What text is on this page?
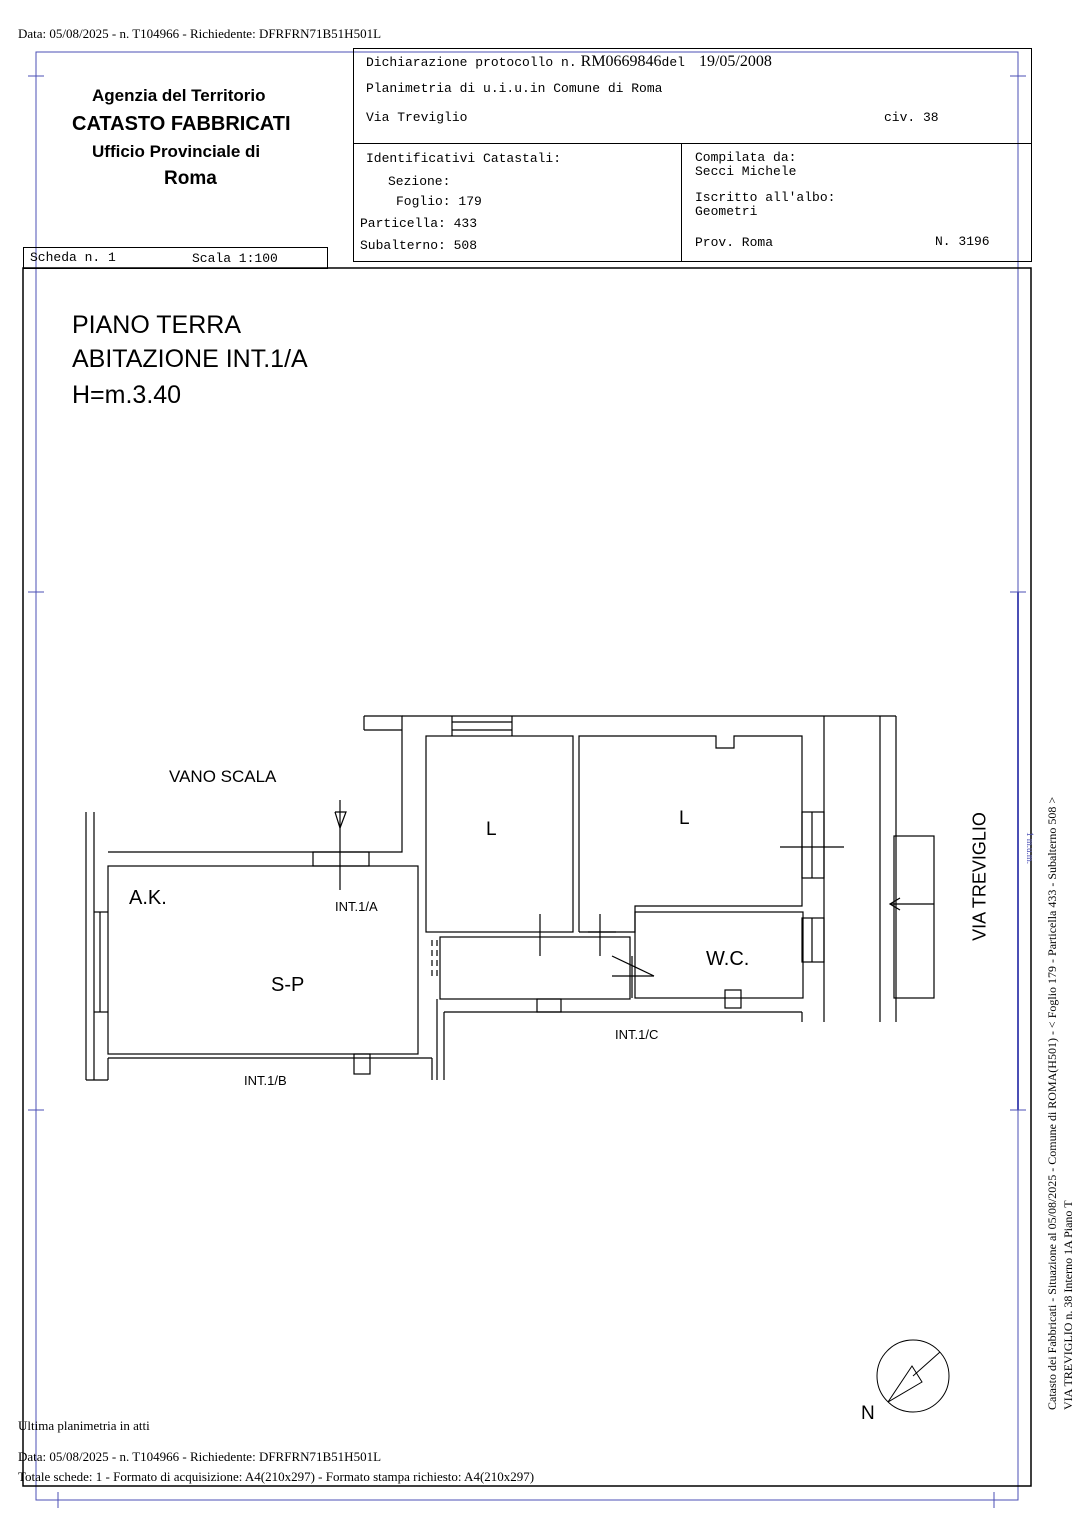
Data: 05/08/2025 - n. T104966 - Richiedente: DFRFRN71B51H501L
Agenzia del Territorio
CATASTO FABBRICATI
Ufficio Provinciale di
Roma
Scheda n. 1	Scala 1:100
Dichiarazione protocollo n. RM0669846del 19/05/2008
Planimetria di u.i.u.in Comune di Roma
Via Treviglio	civ. 38
Identificativi Catastali:
Sezione:
Foglio: 179
Particella: 433
Subalterno: 508
Compilata da:
Secci Michele
Iscritto all'albo:
Geometri
Prov. Roma	N. 3196
PIANO TERRA
ABITAZIONE INT.1/A
H=m.3.40
VANO SCALA
L
L
A.K.	INT.1/A
S-P
W.C.
INT.1/C
INT.1/B
VIA TREVIGLIO	1 m.u.m.
N
Catasto dei Fabbricati - Situazione al 05/08/2025 - Comune di ROMA(H501) - < Foglio 179 - Particella 433 - Subalterno 508 > VIA TREVIGLIO n. 38 Interno 1A Piano T
Ultima planimetria in atti
Data: 05/08/2025 - n. T104966 - Richiedente: DFRFRN71B51H501L
Totale schede: 1 - Formato di acquisizione: A4(210x297) - Formato stampa richiesto: A4(210x297)
